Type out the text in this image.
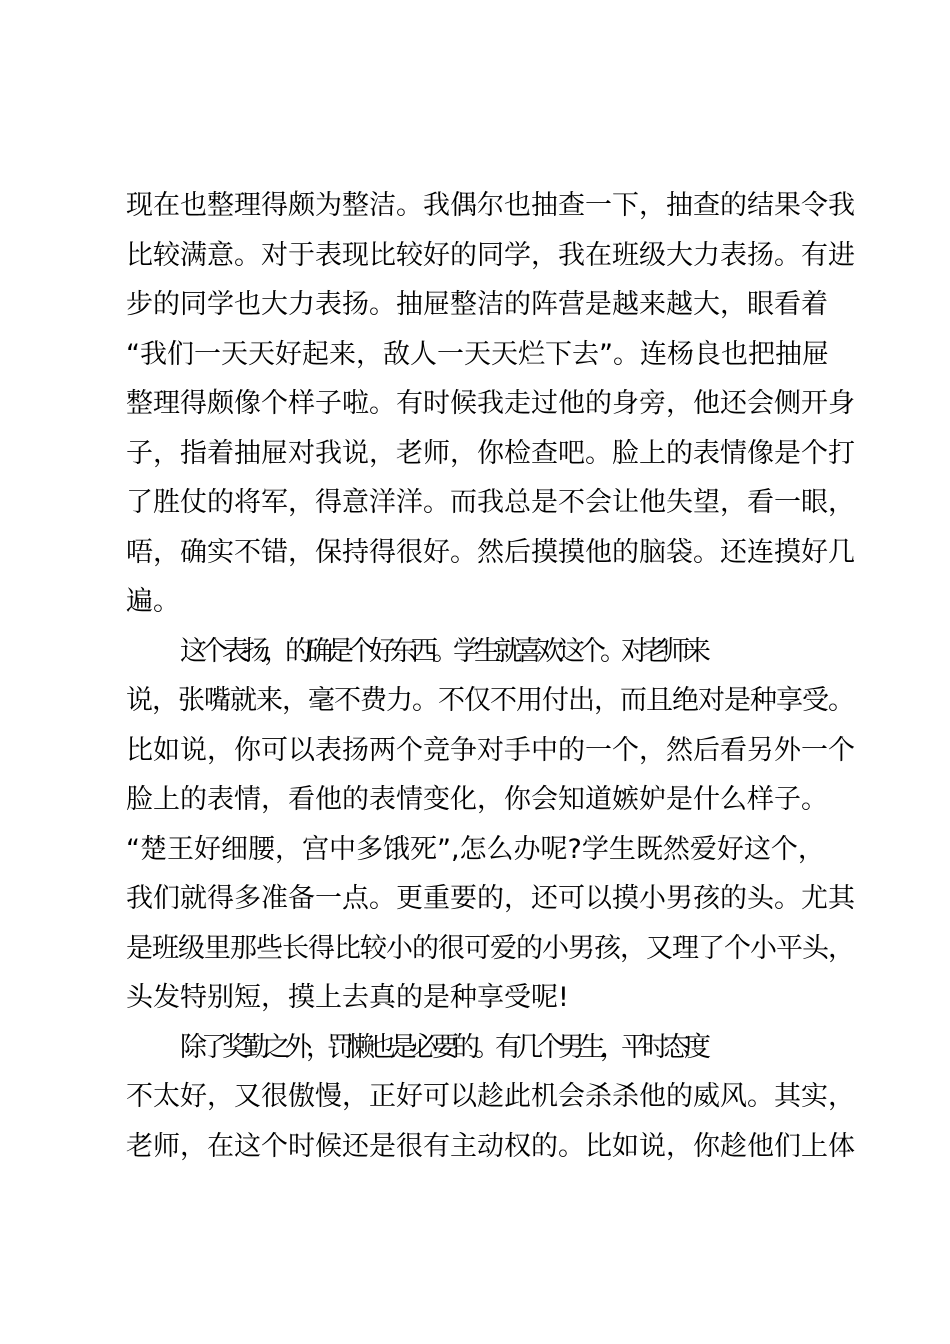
现在也整理得颇为整洁。我偶尔也抽查一下，抽查的结果令我
比较满意。对于表现比较好的同学，我在班级大力表扬。有进
步的同学也大力表扬。抽屉整洁的阵营是越来越大，眼看着
“我们一天天好起来，敌人一天天烂下去”。连杨良也把抽屉
整理得颇像个样子啦。有时候我走过他的身旁，他还会侧开身
子，指着抽屉对我说，老师，你检查吧。脸上的表情像是个打
了胜仗的将军，得意洋洋。而我总是不会让他失望，看一眼，
唔，确实不错，保持得很好。然后摸摸他的脑袋。还连摸好几
遍。
这个表扬，的确是个好东西。学生就喜欢这个。对老师来
说，张嘴就来，毫不费力。不仅不用付出，而且绝对是种享受。
比如说，你可以表扬两个竞争对手中的一个，然后看另外一个
脸上的表情，看他的表情变化，你会知道嫉妒是什么样子。
“楚王好细腰，宫中多饿死”,怎么办呢?学生既然爱好这个，
我们就得多准备一点。更重要的，还可以摸小男孩的头。尤其
是班级里那些长得比较小的很可爱的小男孩，又理了个小平头，
头发特别短，摸上去真的是种享受呢!
除了奖勤之外，罚懒也是必要的。有几个男生，平时态度
不太好，又很傲慢，正好可以趁此机会杀杀他的威风。其实，
老师，在这个时候还是很有主动权的。比如说，你趁他们上体
